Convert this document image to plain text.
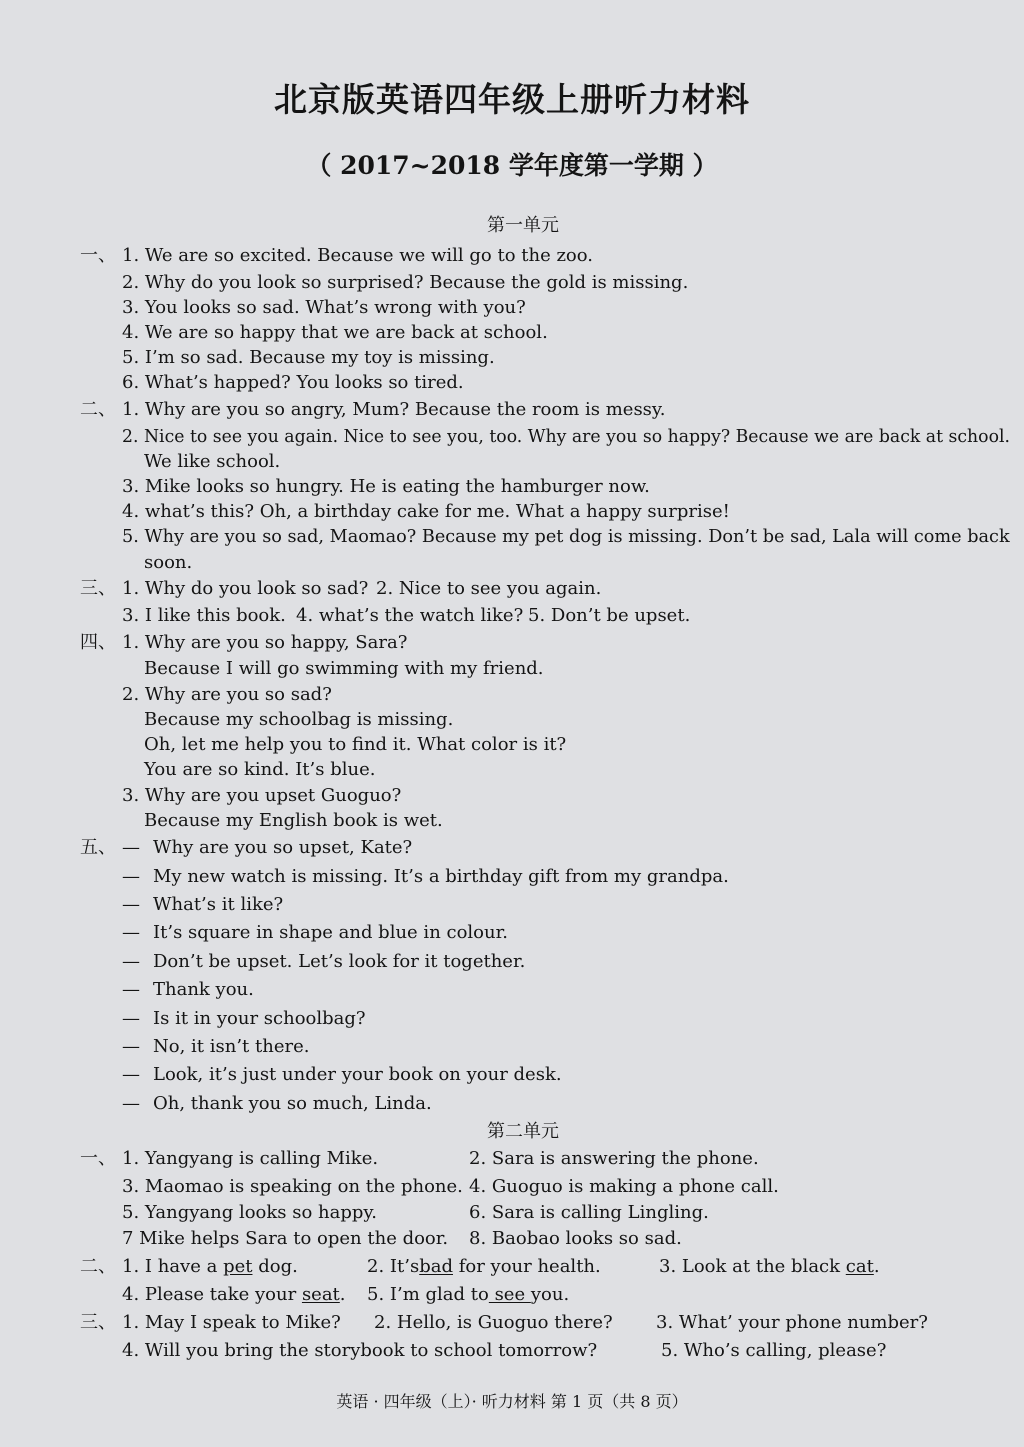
北京版英语四年级上册听力材料
（ 2017~2018 学年度第一学期 ）
第一单元
一、 1. We are so excited. Because we will go to the zoo.
2. Why do you look so surprised? Because the gold is missing.
3. You looks so sad. What’s wrong with you?
4. We are so happy that we are back at school.
5. I’m so sad. Because my toy is missing.
6. What’s happed? You looks so tired.
二、 1. Why are you so angry, Mum? Because the room is messy.
2. Nice to see you again. Nice to see you, too. Why are you so happy? Because we are back at school.
We like school.
3. Mike looks so hungry. He is eating the hamburger now.
4. what’s this? Oh, a birthday cake for me. What a happy surprise!
5. Why are you so sad, Maomao? Because my pet dog is missing. Don’t be sad, Lala will come back
soon.
三、 1. Why do you look so sad? 2. Nice to see you again.
3. I like this book. 4. what’s the watch like? 5. Don’t be upset.
四、 1. Why are you so happy, Sara?
Because I will go swimming with my friend.
2. Why are you so sad?
Because my schoolbag is missing.
Oh, let me help you to find it. What color is it?
You are so kind. It’s blue.
3. Why are you upset Guoguo?
Because my English book is wet.
五、 — Why are you so upset, Kate?
— My new watch is missing. It’s a birthday gift from my grandpa.
— What’s it like?
— It’s square in shape and blue in colour.
— Don’t be upset. Let’s look for it together.
— Thank you.
— Is it in your schoolbag?
— No, it isn’t there.
— Look, it’s just under your book on your desk.
— Oh, thank you so much, Linda.
第二单元
一、 1. Yangyang is calling Mike.	2. Sara is answering the phone.
3. Maomao is speaking on the phone. 4. Guoguo is making a phone call.
5. Yangyang looks so happy.	6. Sara is calling Lingling.
7 Mike helps Sara to open the door. 8. Baobao looks so sad.
二、 1. I have a pet dog.	2. It’sbad for your health.	3. Look at the black cat.
4. Please take your seat. 5. I’m glad to see you.
三、 1. May I speak to Mike? 2. Hello, is Guoguo there? 3. What’ your phone number?
4. Will you bring the storybook to school tomorrow?	5. Who’s calling, please?
英语 · 四年级（上）· 听力材料 第 1 页（共 8 页）
